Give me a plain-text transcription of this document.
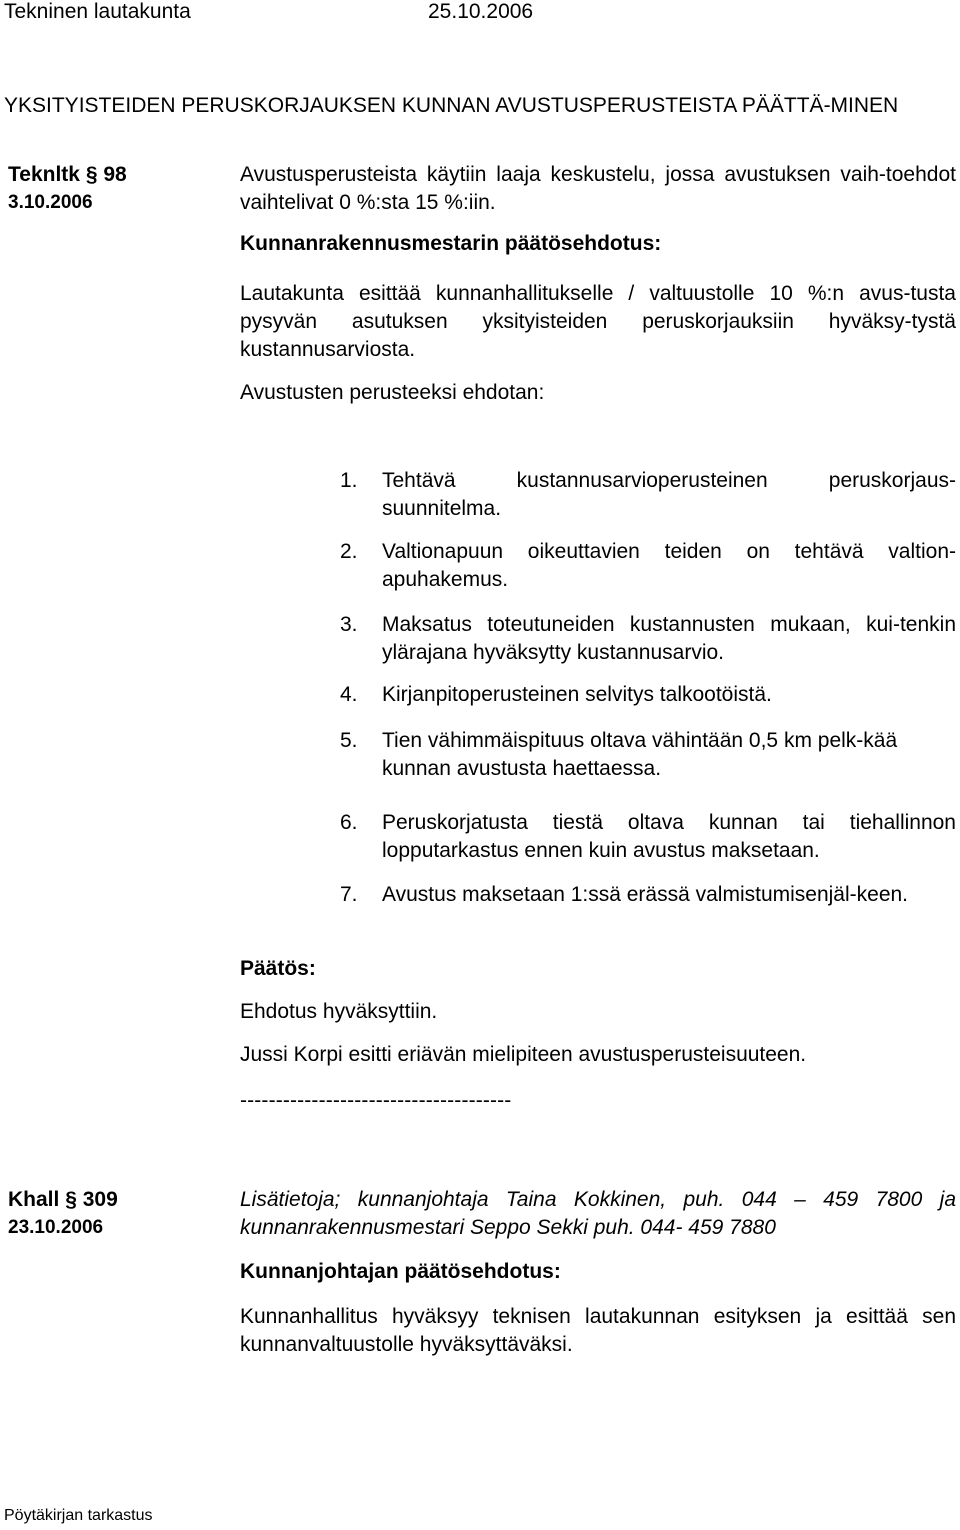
Tekninen lautakunta	25.10.2006
YKSITYISTEIDEN PERUSKORJAUKSEN KUNNAN AVUSTUSPERUSTEISTA PÄÄTTÄ-MINEN
Teknltk § 98
3.10.2006
Avustusperusteista käytiin laaja keskustelu, jossa avustuksen vaih-toehdot vaihtelivat 0 %:sta 15 %:iin.
Kunnanrakennusmestarin päätösehdotus:
Lautakunta esittää kunnanhallitukselle / valtuustolle 10 %:n avus-tusta pysyvän asutuksen yksityisteiden peruskorjauksiin hyväksy-tystä kustannusarviosta.
Avustusten perusteeksi ehdotan:
1.	Tehtävä kustannusarvioperusteinen peruskorjaus-suunnitelma.
2.	Valtionapuun oikeuttavien teiden on tehtävä valtion-apuhakemus.
3.	Maksatus toteutuneiden kustannusten mukaan, kui-tenkin ylärajana hyväksytty kustannusarvio.
4.	Kirjanpitoperusteinen selvitys talkootöistä.
5.	Tien vähimmäispituus oltava vähintään 0,5 km pelk-kää kunnan avustusta haettaessa.
6.	Peruskorjatusta tiestä oltava kunnan tai tiehallinnon lopputarkastus ennen kuin avustus maksetaan.
7.	Avustus maksetaan 1:ssä erässä valmistumisenjäl-keen.
Päätös:
Ehdotus hyväksyttiin.
Jussi Korpi esitti eriävän mielipiteen avustusperusteisuuteen.
--------------------------------------
Khall § 309
23.10.2006
Lisätietoja; kunnanjohtaja Taina Kokkinen, puh. 044 – 459 7800 ja kunnanrakennusmestari Seppo Sekki puh. 044- 459 7880
Kunnanjohtajan päätösehdotus:
Kunnanhallitus hyväksyy teknisen lautakunnan esityksen ja esittää sen kunnanvaltuustolle hyväksyttäväksi.
Pöytäkirjan tarkastus
